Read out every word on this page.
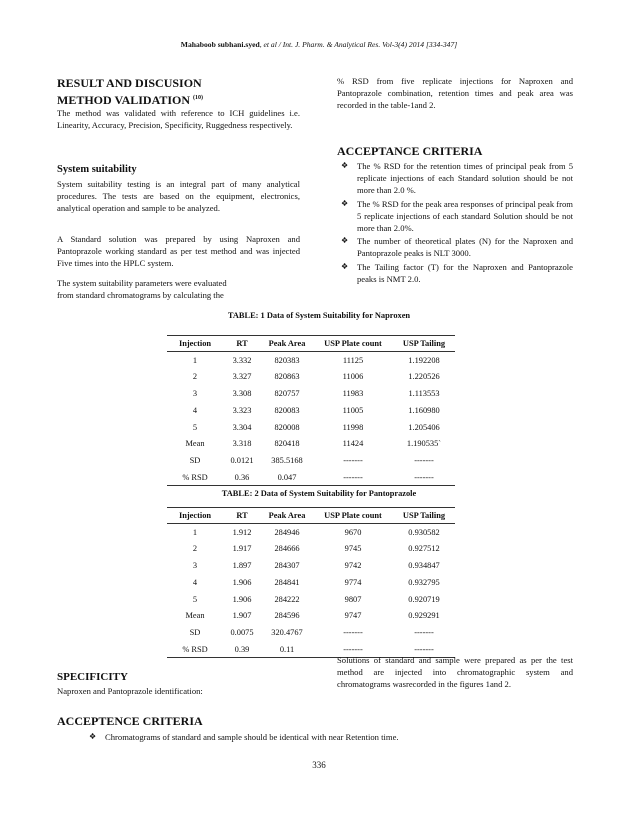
Mahaboob subhani.syed, et al / Int. J. Pharm. & Analytical Res. Vol-3(4) 2014 [334-347]
RESULT AND DISCUSION
METHOD VALIDATION $^{(10)}$
The method was validated with reference to ICH guidelines i.e. Linearity, Accuracy, Precision, Specificity, Ruggedness respectively.
System suitability
System suitability testing is an integral part of many analytical procedures. The tests are based on the equipment, electronics, analytical operation and sample to be analyzed.
A Standard solution was prepared by using Naproxen and Pantoprazole working standard as per test method and was injected Five times into the HPLC system.
The system suitability parameters were evaluated
from standard chromatograms by calculating the
% RSD from five replicate injections for Naproxen and Pantoprazole combination, retention times and peak area was recorded in the table-1and 2.
ACCEPTANCE CRITERIA
❖ The % RSD for the retention times of principal peak from 5 replicate injections of each Standard solution should be not more than 2.0 %.
❖ The % RSD for the peak area responses of principal peak from 5 replicate injections of each standard Solution should be not more than 2.0%.
❖ The number of theoretical plates (N) for the Naproxen and Pantoprazole peaks is NLT 3000.
❖ The Tailing factor (T) for the Naproxen and Pantoprazole peaks is NMT 2.0.
TABLE: 1 Data of System Suitability for Naproxen
Injection	RT	Peak Area	USP Plate count	USP Tailing
1	3.332	820383	11125	1.192208
2	3.327	820863	11006	1.220526
3	3.308	820757	11983	1.113553
4	3.323	820083	11005	1.160980
5	3.304	820008	11998	1.205406
Mean	3.318	820418	11424	1.190535`
SD	0.0121	385.5168	-------	-------
% RSD	0.36	0.047	-------	-------
TABLE: 2 Data of System Suitability for Pantoprazole
Injection	RT	Peak Area	USP Plate count	USP Tailing
1	1.912	284946	9670	0.930582
2	1.917	284666	9745	0.927512
3	1.897	284307	9742	0.934847
4	1.906	284841	9774	0.932795
5	1.906	284222	9807	0.920719
Mean	1.907	284596	9747	0.929291
SD	0.0075	320.4767	-------	-------
% RSD	0.39	0.11	-------	-------
SPECIFICITY
Naproxen and Pantoprazole identification:
Solutions of standard and sample were prepared as per the test method are injected into chromatographic system and chromatograms wasrecorded in the figures 1and 2.
ACCEPTENCE CRITERIA
❖ Chromatograms of standard and sample should be identical with near Retention time.
336
